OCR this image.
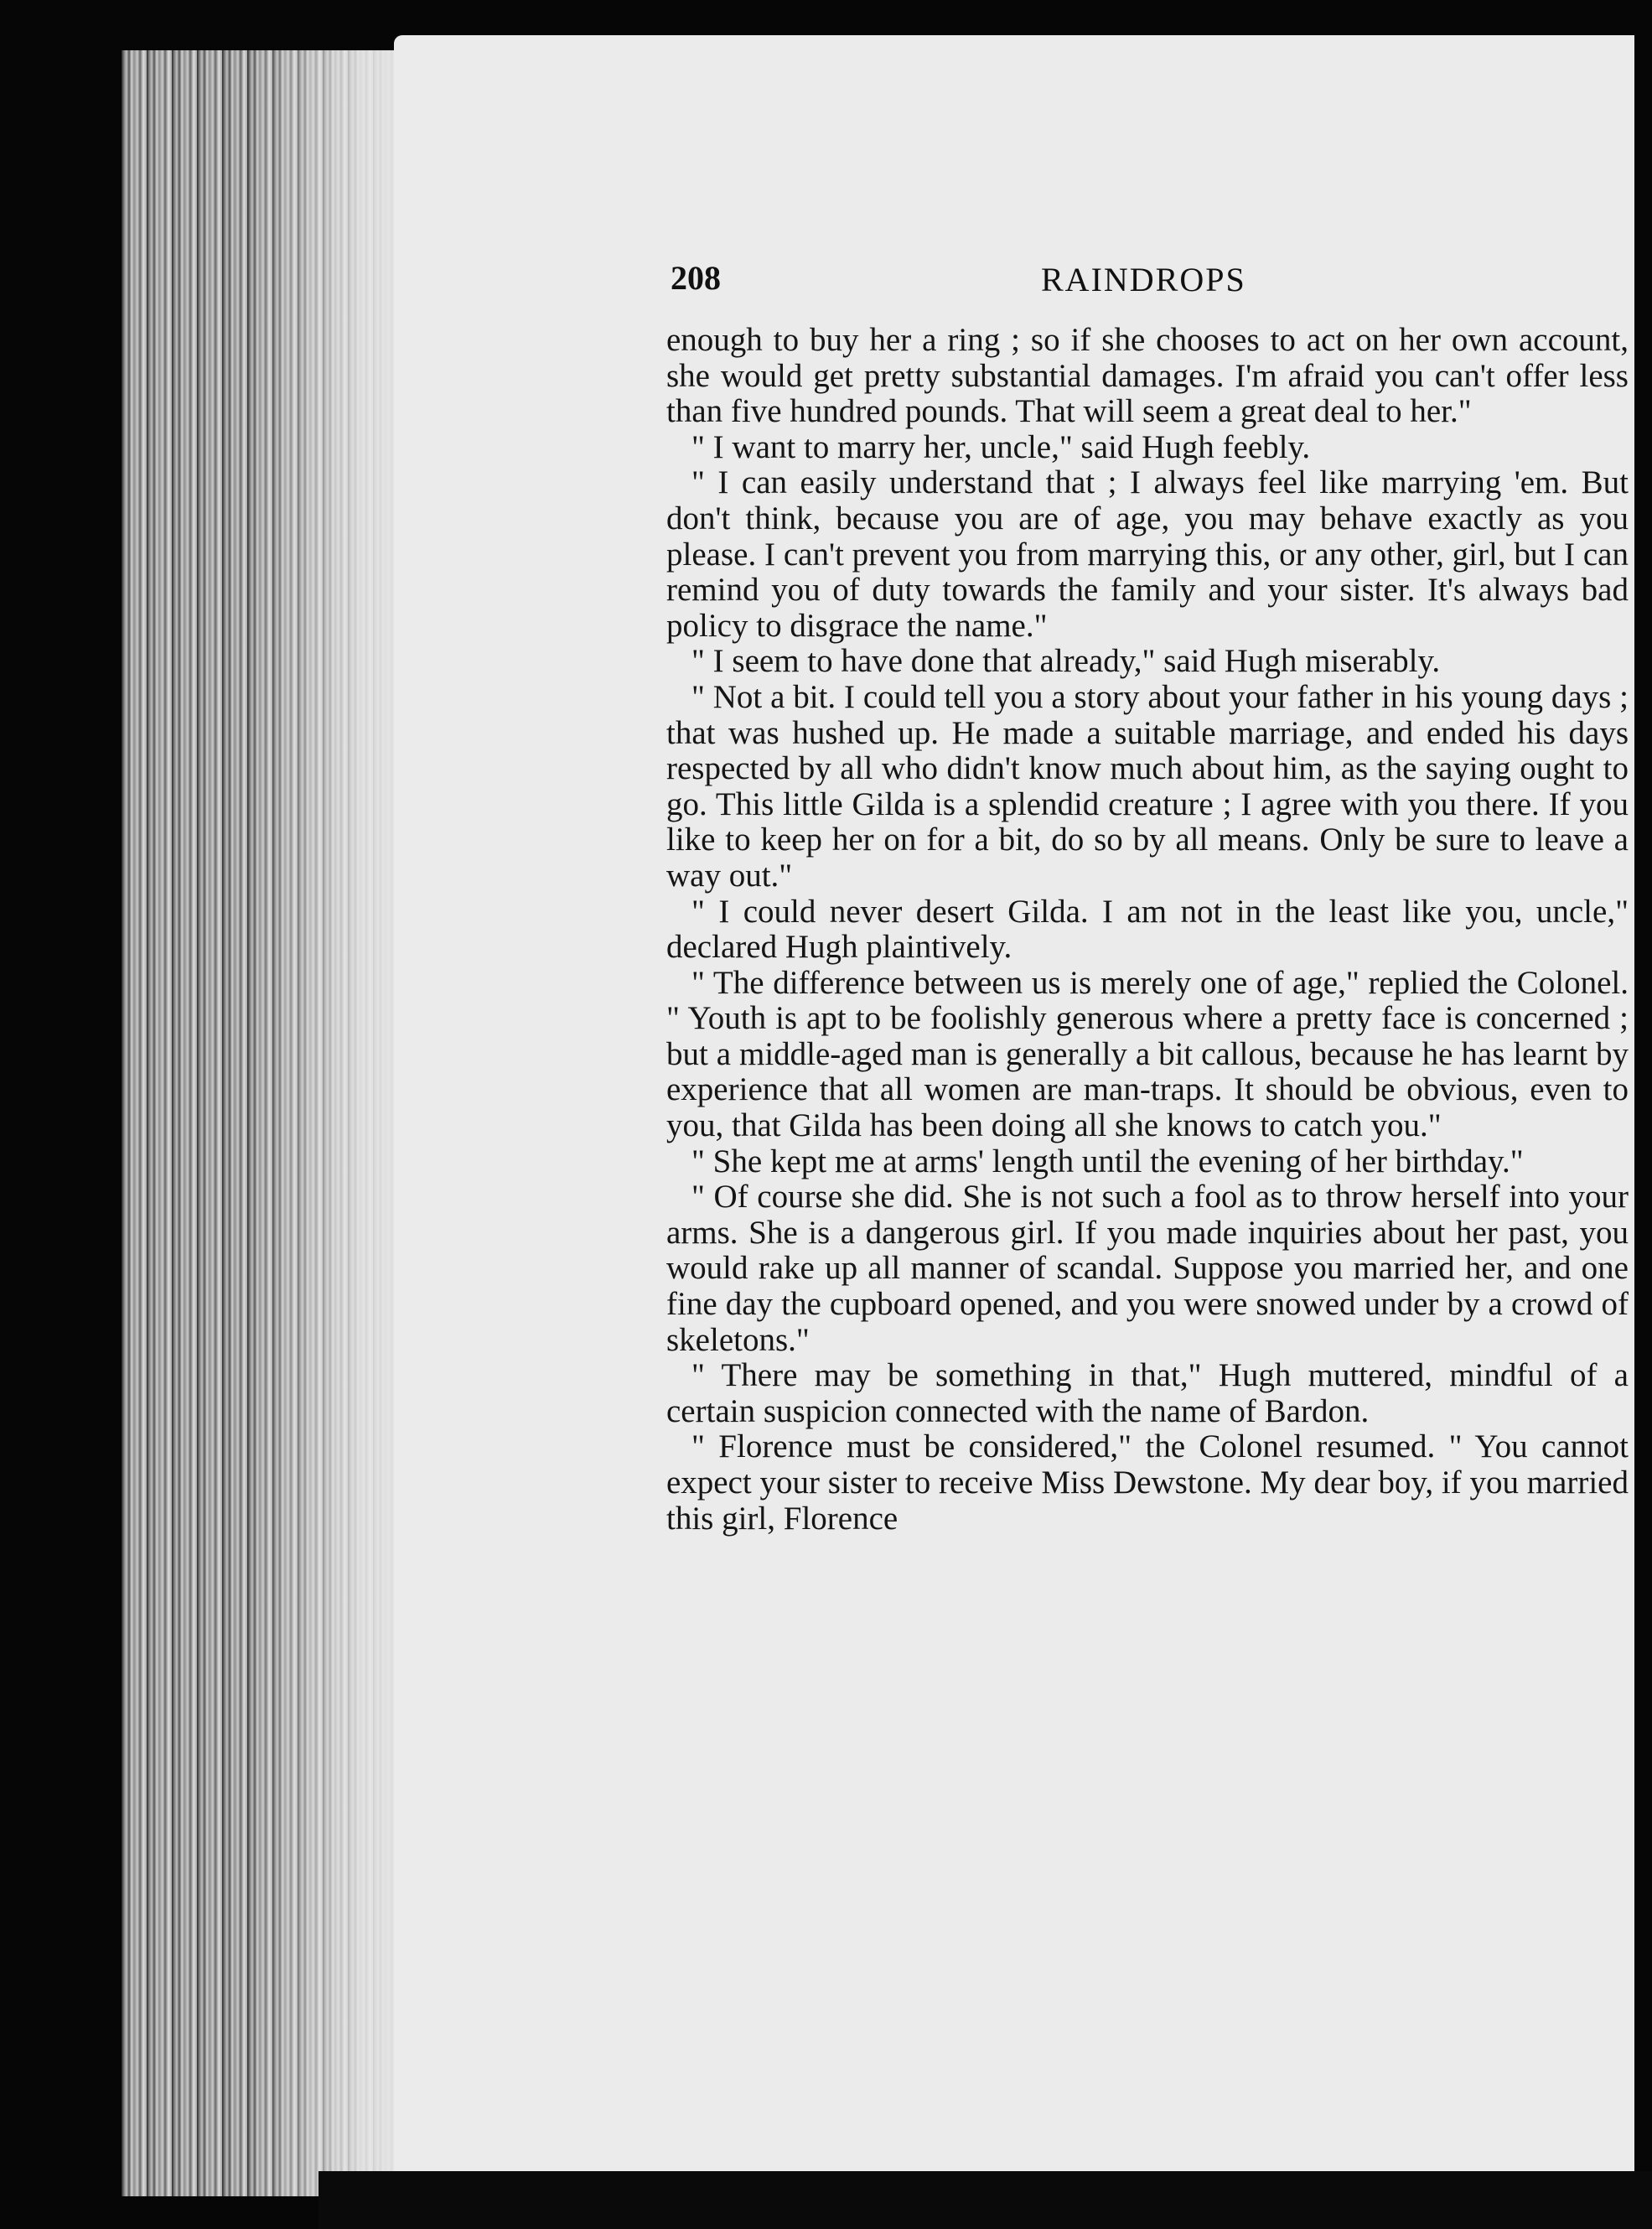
208	RAINDROPS

enough to buy her a ring ; so if she chooses to act on her own account, she would get pretty substantial damages. I'm afraid you can't offer less than five hundred pounds. That will seem a great deal to her."

" I want to marry her, uncle," said Hugh feebly.

" I can easily understand that ; I always feel like marrying 'em. But don't think, because you are of age, you may behave exactly as you please. I can't prevent you from marrying this, or any other, girl, but I can remind you of duty towards the family and your sister. It's always bad policy to disgrace the name."

" I seem to have done that already," said Hugh miserably.

" Not a bit. I could tell you a story about your father in his young days ; that was hushed up. He made a suitable marriage, and ended his days respected by all who didn't know much about him, as the saying ought to go. This little Gilda is a splendid creature ; I agree with you there. If you like to keep her on for a bit, do so by all means. Only be sure to leave a way out."

" I could never desert Gilda. I am not in the least like you, uncle," declared Hugh plaintively.

" The difference between us is merely one of age," replied the Colonel. " Youth is apt to be foolishly generous where a pretty face is concerned ; but a middle-aged man is generally a bit callous, because he has learnt by experience that all women are man-traps. It should be obvious, even to you, that Gilda has been doing all she knows to catch you."

" She kept me at arms' length until the evening of her birthday."

" Of course she did. She is not such a fool as to throw herself into your arms. She is a dangerous girl. If you made inquiries about her past, you would rake up all manner of scandal. Suppose you married her, and one fine day the cupboard opened, and you were snowed under by a crowd of skeletons."

" There may be something in that," Hugh muttered, mindful of a certain suspicion connected with the name of Bardon.

" Florence must be considered," the Colonel resumed. " You cannot expect your sister to receive Miss Dewstone. My dear boy, if you married this girl, Florence
